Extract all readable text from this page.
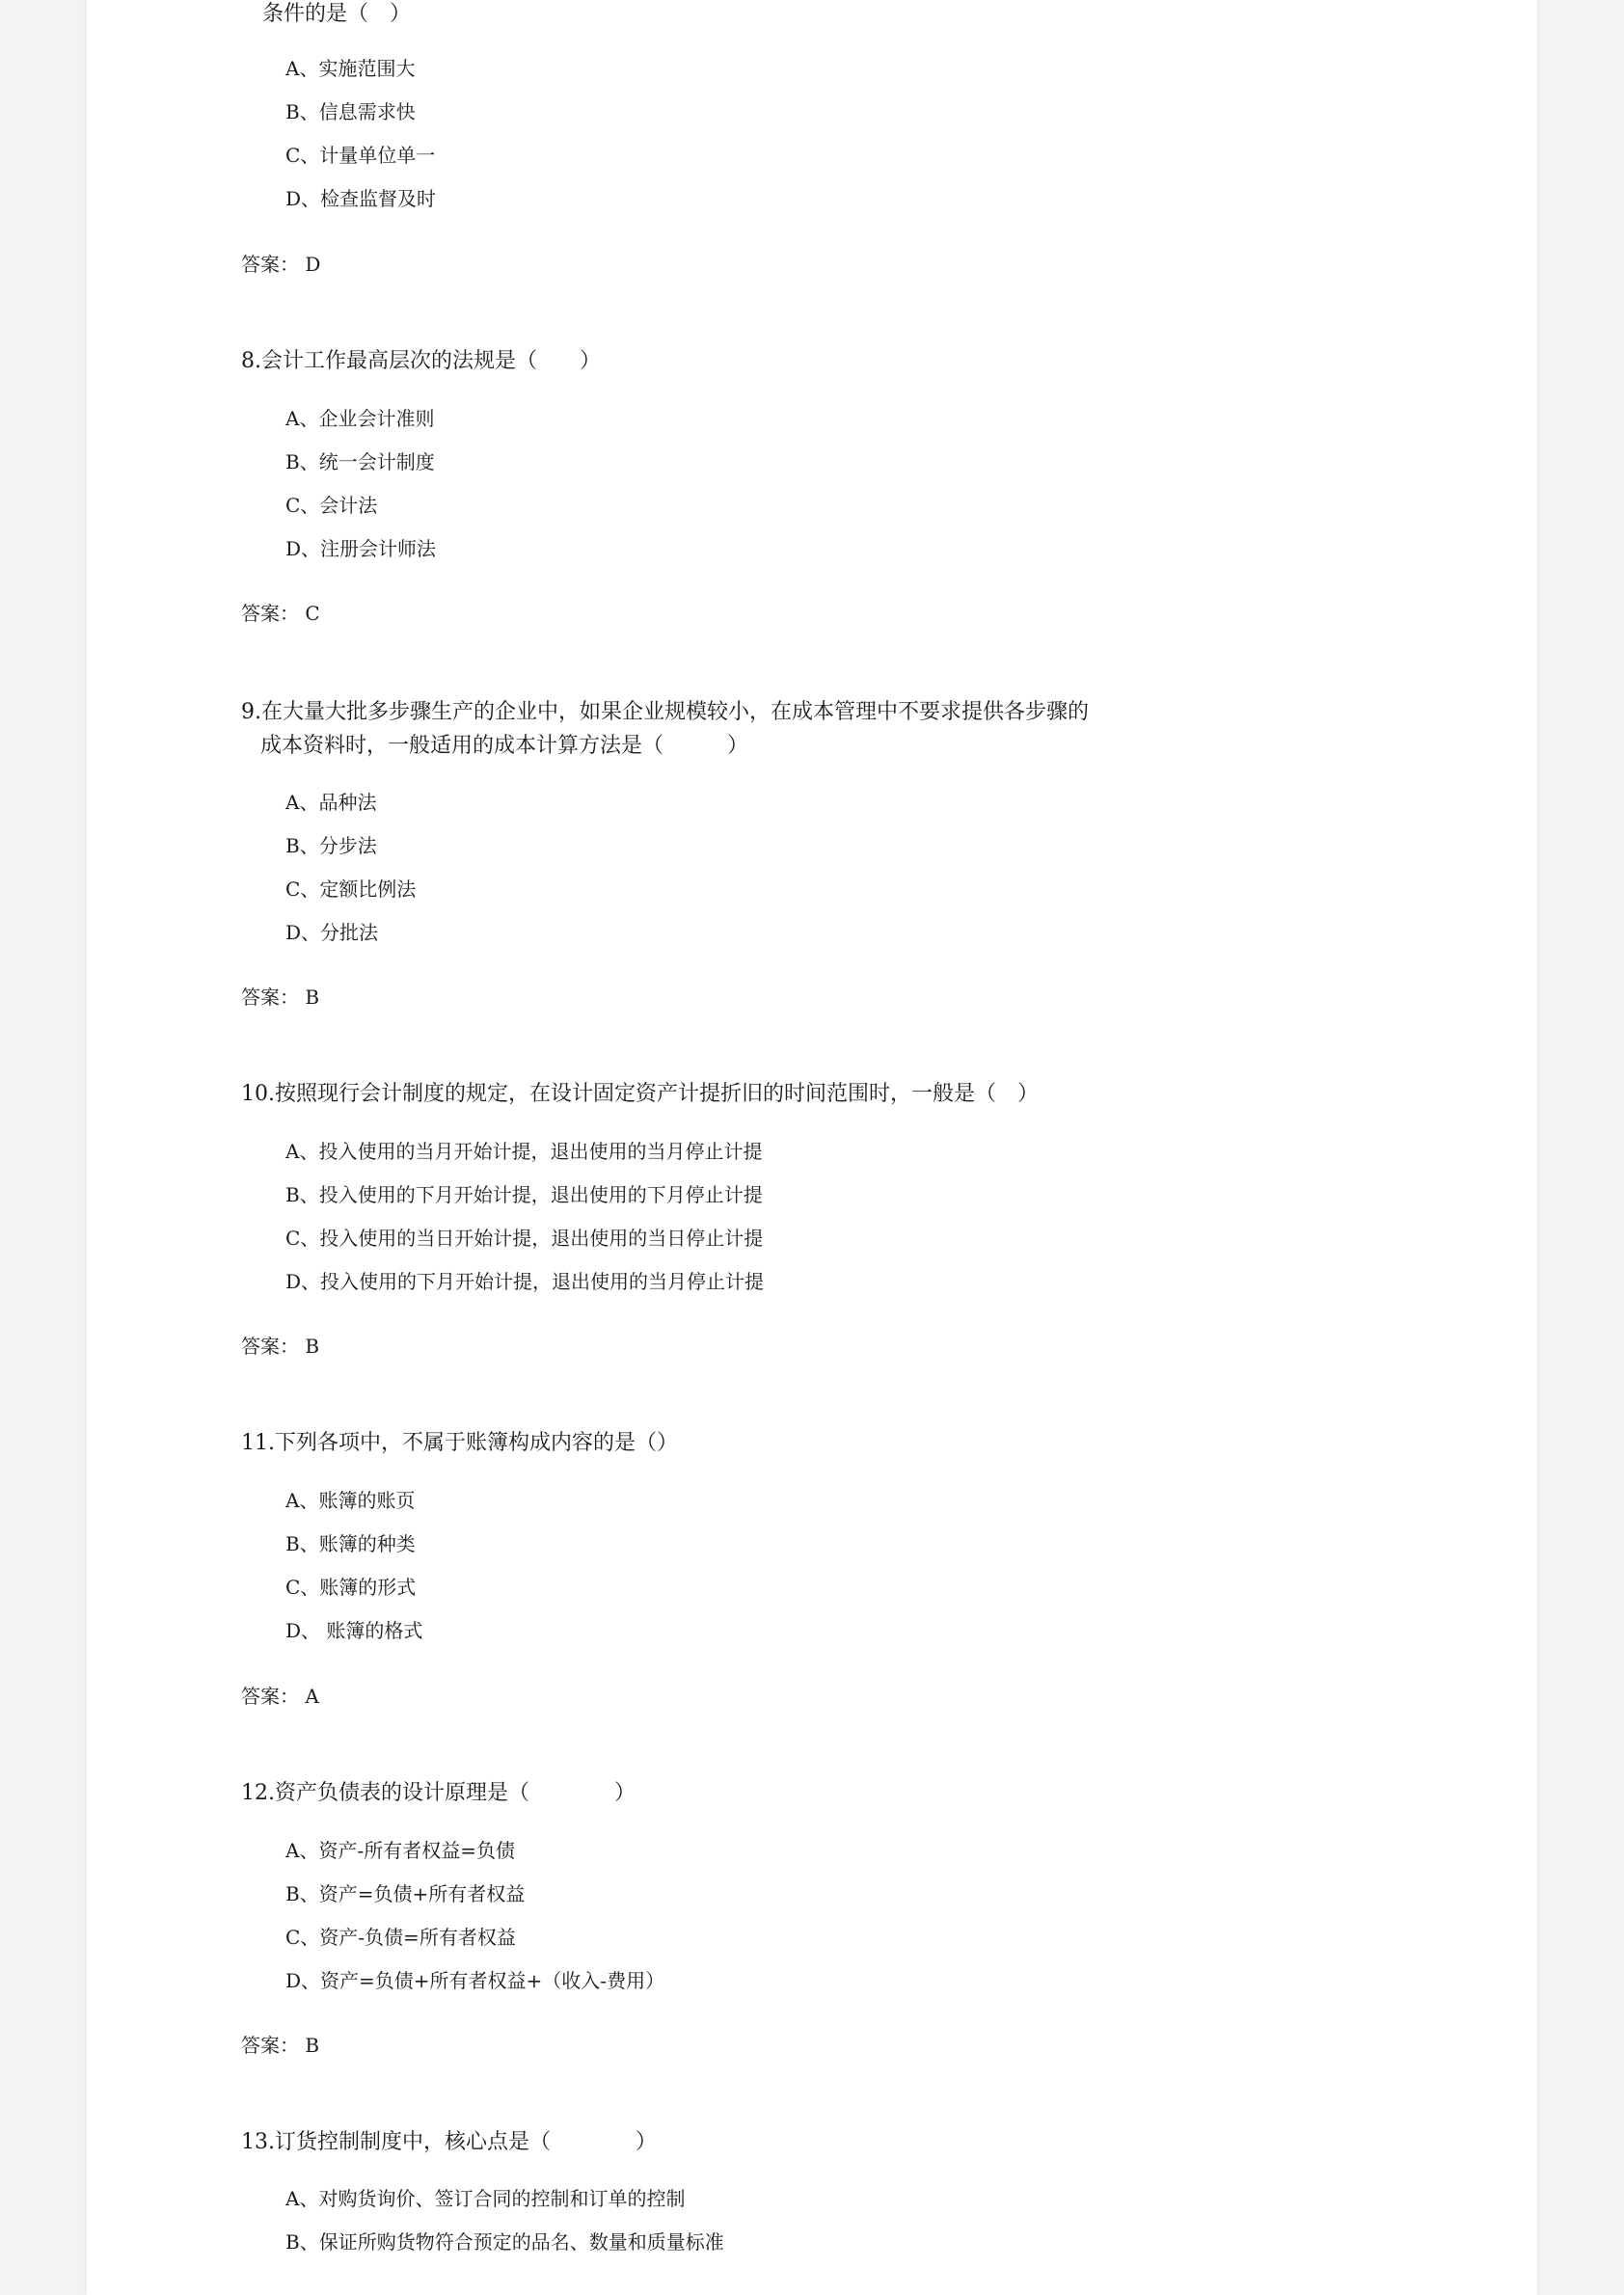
条件的是（　）
A、实施范围大
B、信息需求快
C、计量单位单一
D、检查监督及时
答案： D
8.会计工作最高层次的法规是（　　）
A、企业会计准则
B、统一会计制度
C、会计法
D、注册会计师法
答案： C
9.在大量大批多步骤生产的企业中，如果企业规模较小，在成本管理中不要求提供各步骤的
成本资料时，一般适用的成本计算方法是（　　　）
A、品种法
B、分步法
C、定额比例法
D、分批法
答案： B
10.按照现行会计制度的规定，在设计固定资产计提折旧的时间范围时，一般是（　）
A、投入使用的当月开始计提，退出使用的当月停止计提
B、投入使用的下月开始计提，退出使用的下月停止计提
C、投入使用的当日开始计提，退出使用的当日停止计提
D、投入使用的下月开始计提，退出使用的当月停止计提
答案： B
11.下列各项中，不属于账簿构成内容的是（）
A、账簿的账页
B、账簿的种类
C、账簿的形式
D、 账簿的格式
答案： A
12.资产负债表的设计原理是（　　　　）
A、资产-所有者权益=负债
B、资产=负债+所有者权益
C、资产-负债=所有者权益
D、资产=负债+所有者权益+（收入-费用）
答案： B
13.订货控制制度中，核心点是（　　　　）
A、对购货询价、签订合同的控制和订单的控制
B、保证所购货物符合预定的品名、数量和质量标准
